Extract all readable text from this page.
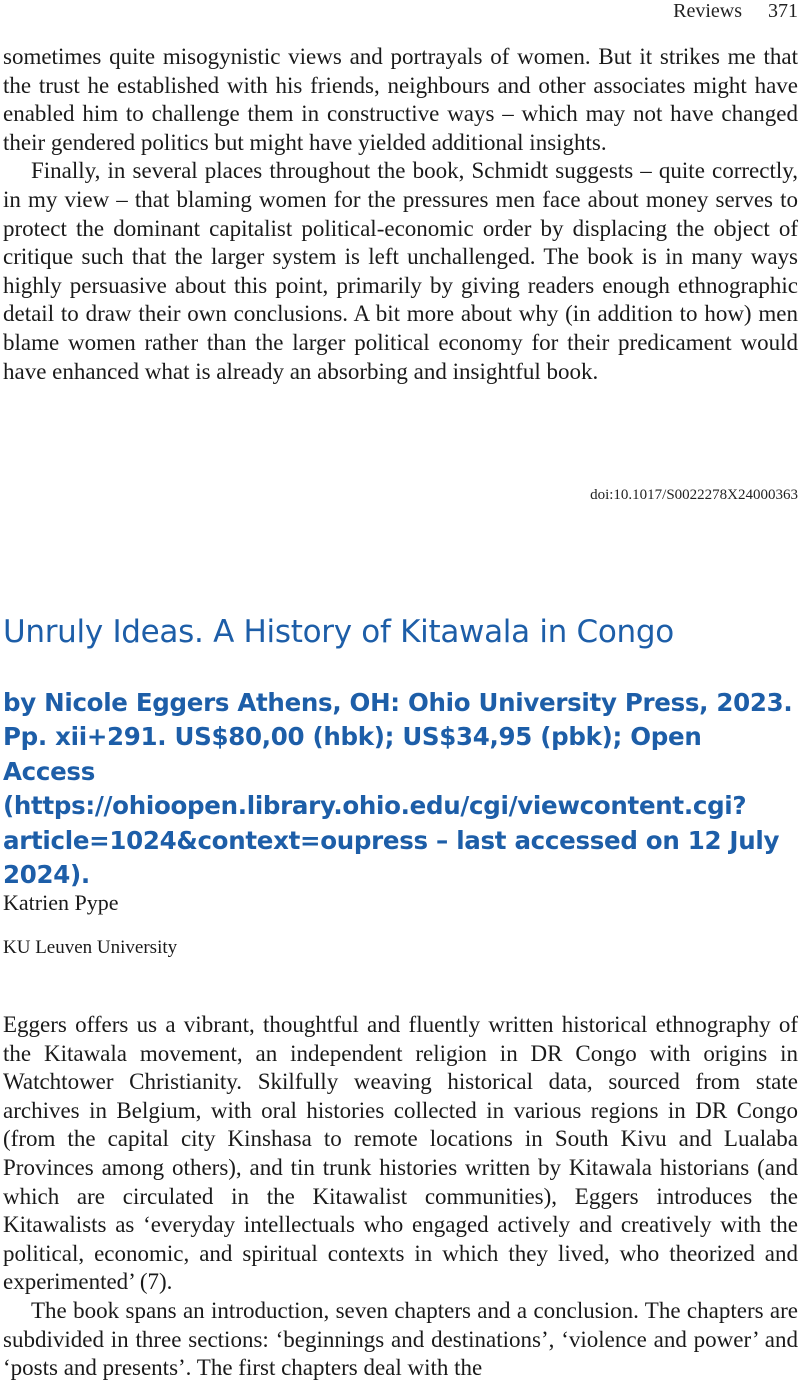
Reviews 371

sometimes quite misogynistic views and portrayals of women. But it strikes me that the trust he established with his friends, neighbours and other associates might have enabled him to challenge them in constructive ways – which may not have changed their gendered politics but might have yielded additional insights.

Finally, in several places throughout the book, Schmidt suggests – quite correctly, in my view – that blaming women for the pressures men face about money serves to protect the dominant capitalist political-economic order by displacing the object of critique such that the larger system is left unchallenged. The book is in many ways highly persuasive about this point, primarily by giving readers enough ethnographic detail to draw their own conclusions. A bit more about why (in addition to how) men blame women rather than the larger political economy for their predicament would have enhanced what is already an absorbing and insightful book.

doi:10.1017/S0022278X24000363
Unruly Ideas. A History of Kitawala in Congo
by Nicole Eggers Athens, OH: Ohio University Press, 2023. Pp. xii+291. US$80,00 (hbk); US$34,95 (pbk); Open Access (https://ohioopen.library.ohio.edu/cgi/viewcontent.cgi?article=1024&context=oupress – last accessed on 12 July 2024).
Katrien Pype
KU Leuven University

Eggers offers us a vibrant, thoughtful and fluently written historical ethnography of the Kitawala movement, an independent religion in DR Congo with origins in Watchtower Christianity. Skilfully weaving historical data, sourced from state archives in Belgium, with oral histories collected in various regions in DR Congo (from the capital city Kinshasa to remote locations in South Kivu and Lualaba Provinces among others), and tin trunk histories written by Kitawala historians (and which are circulated in the Kitawalist communities), Eggers introduces the Kitawalists as ‘everyday intellectuals who engaged actively and creatively with the political, economic, and spiritual contexts in which they lived, who theorized and experimented’ (7).

The book spans an introduction, seven chapters and a conclusion. The chapters are subdivided in three sections: ‘beginnings and destinations’, ‘violence and power’ and ‘posts and presents’. The first chapters deal with the
